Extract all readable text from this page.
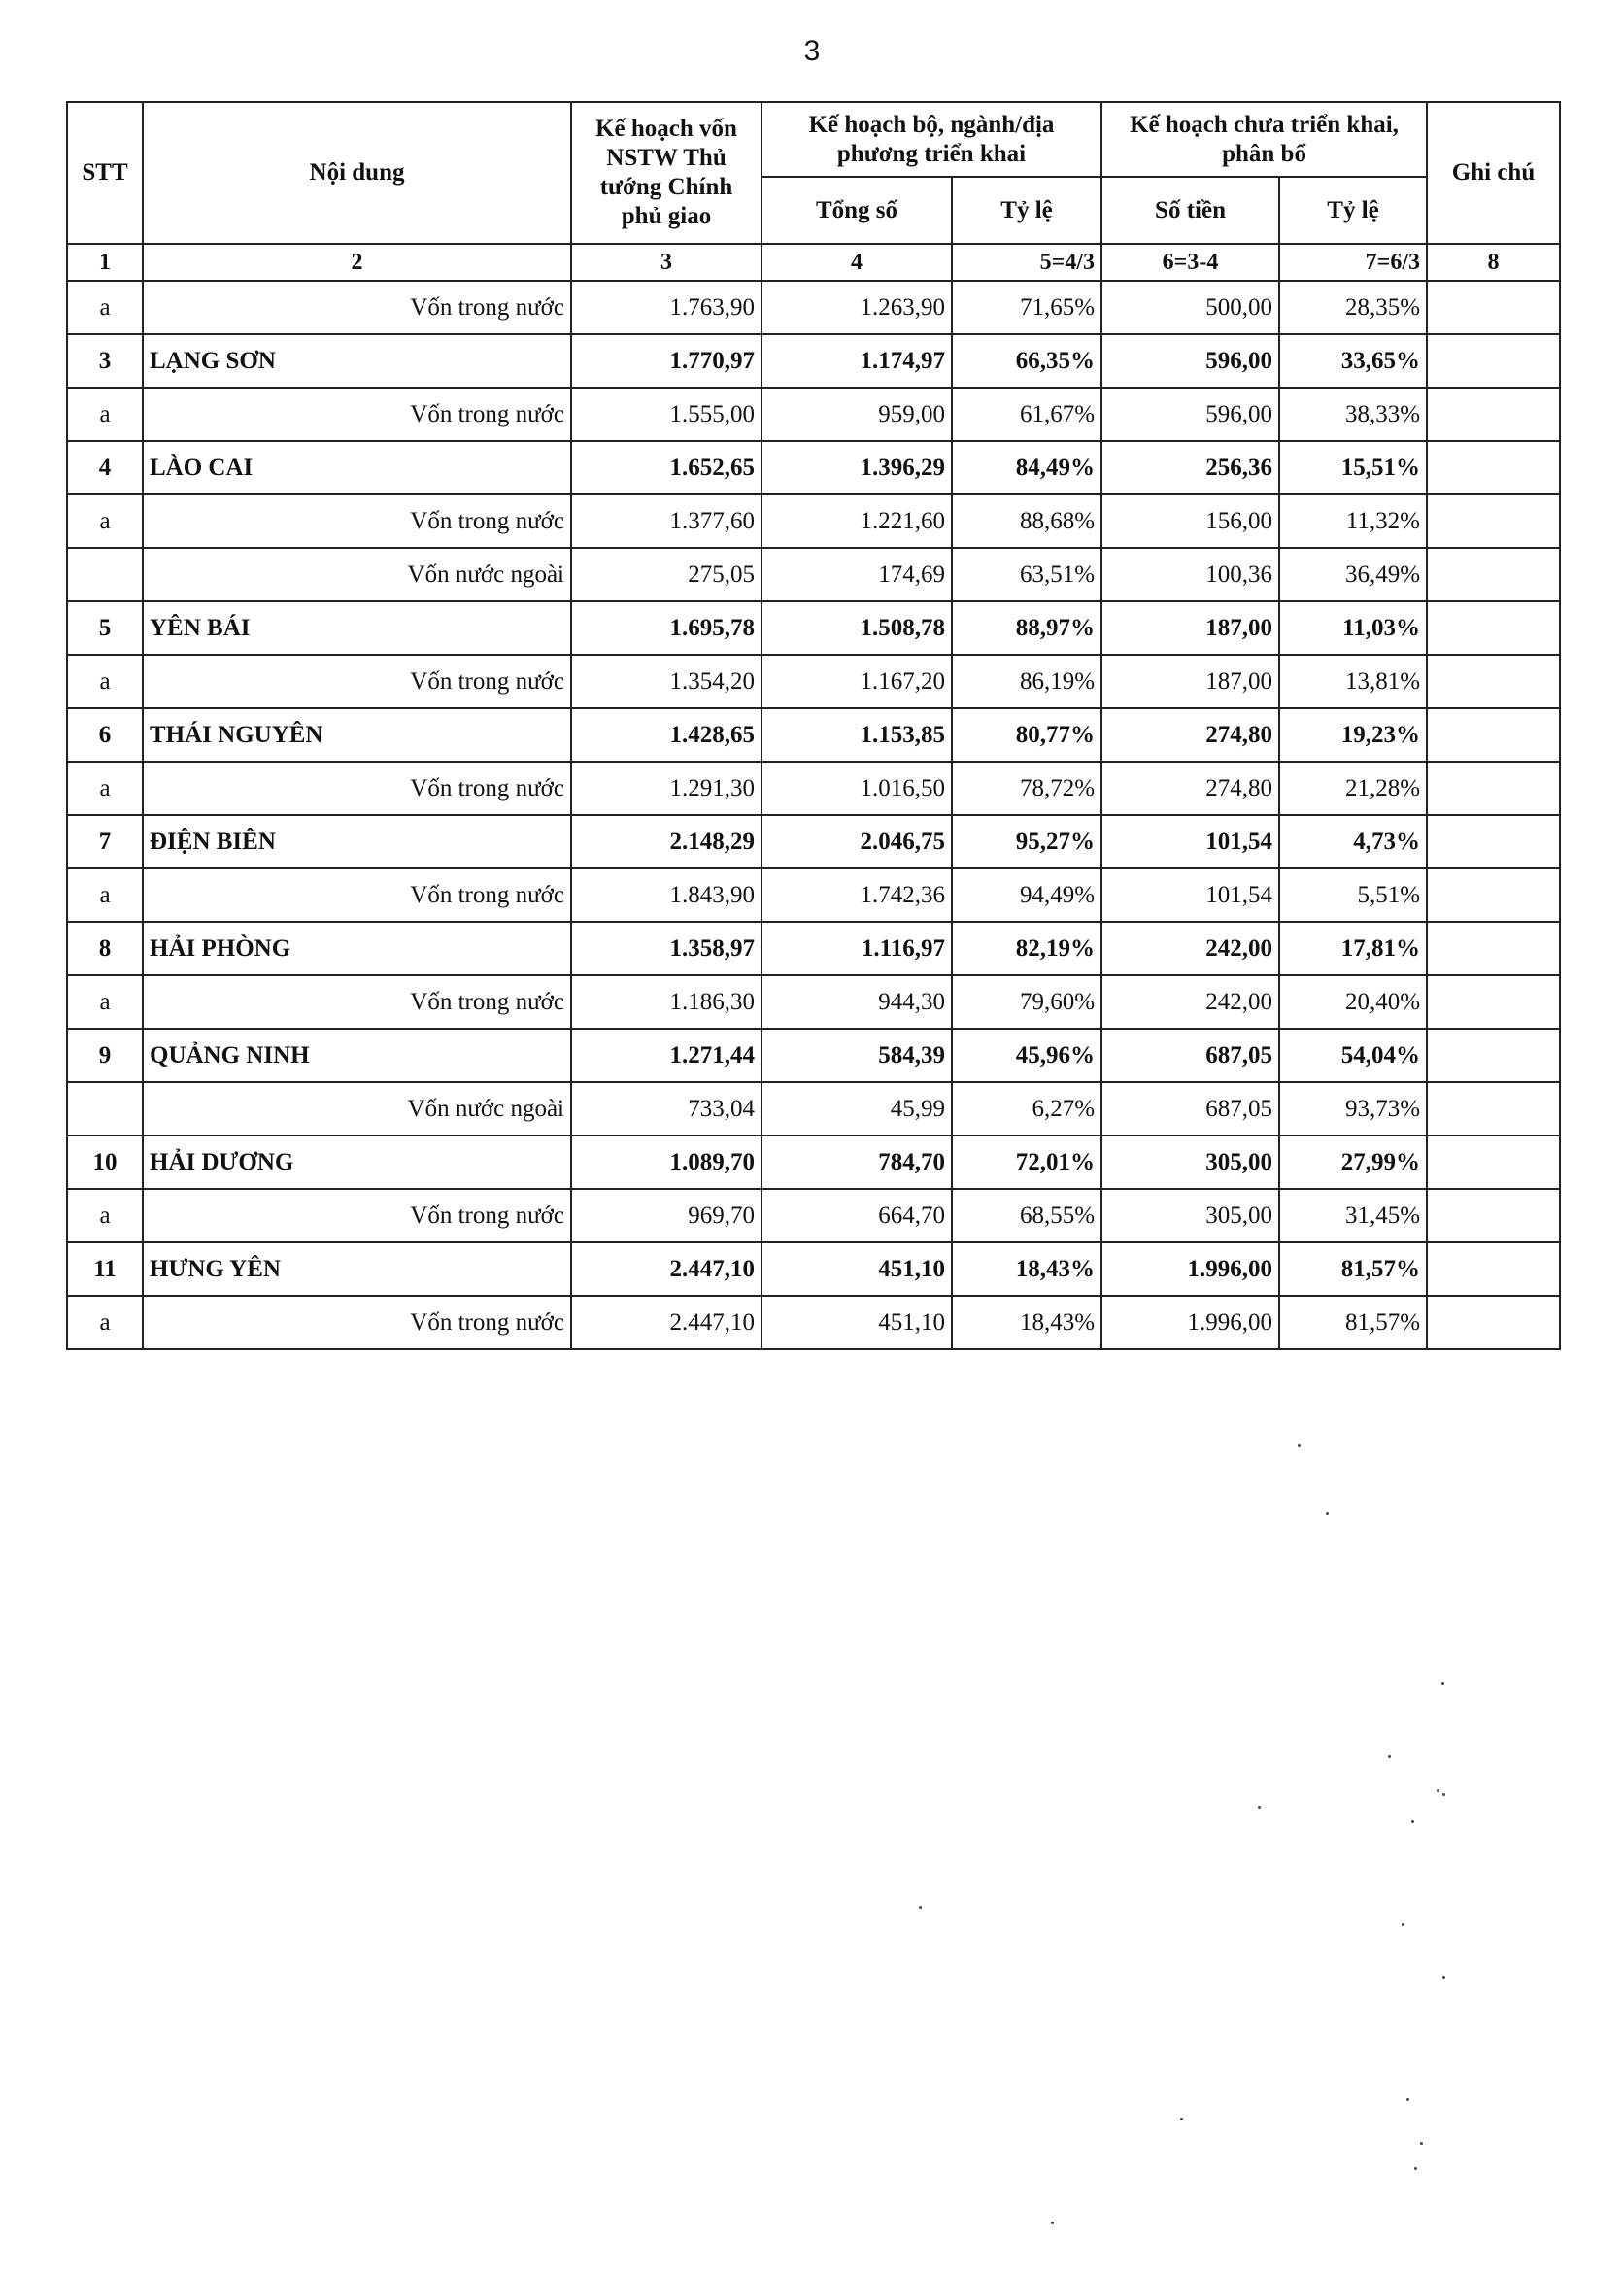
3
STT	Nội dung	Kế hoạch vốn NSTW Thủ tướng Chính phủ giao	Kế hoạch bộ, ngành/địa phương triển khai		Kế hoạch chưa triển khai, phân bổ		Ghi chú
			Tổng số	Tỷ lệ	Số tiền	Tỷ lệ	
1	2	3	4	5=4/3	6=3-4	7=6/3	8
a	Vốn trong nước	1.763,90	1.263,90	71,65%	500,00	28,35%	
3	LẠNG SƠN	1.770,97	1.174,97	66,35%	596,00	33,65%	
a	Vốn trong nước	1.555,00	959,00	61,67%	596,00	38,33%	
4	LÀO CAI	1.652,65	1.396,29	84,49%	256,36	15,51%	
a	Vốn trong nước	1.377,60	1.221,60	88,68%	156,00	11,32%	
	Vốn nước ngoài	275,05	174,69	63,51%	100,36	36,49%	
5	YÊN BÁI	1.695,78	1.508,78	88,97%	187,00	11,03%	
a	Vốn trong nước	1.354,20	1.167,20	86,19%	187,00	13,81%	
6	THÁI NGUYÊN	1.428,65	1.153,85	80,77%	274,80	19,23%	
a	Vốn trong nước	1.291,30	1.016,50	78,72%	274,80	21,28%	
7	ĐIỆN BIÊN	2.148,29	2.046,75	95,27%	101,54	4,73%	
a	Vốn trong nước	1.843,90	1.742,36	94,49%	101,54	5,51%	
8	HẢI PHÒNG	1.358,97	1.116,97	82,19%	242,00	17,81%	
a	Vốn trong nước	1.186,30	944,30	79,60%	242,00	20,40%	
9	QUẢNG NINH	1.271,44	584,39	45,96%	687,05	54,04%	
	Vốn nước ngoài	733,04	45,99	6,27%	687,05	93,73%	
10	HẢI DƯƠNG	1.089,70	784,70	72,01%	305,00	27,99%	
a	Vốn trong nước	969,70	664,70	68,55%	305,00	31,45%	
11	HƯNG YÊN	2.447,10	451,10	18,43%	1.996,00	81,57%	
a	Vốn trong nước	2.447,10	451,10	18,43%	1.996,00	81,57%	
